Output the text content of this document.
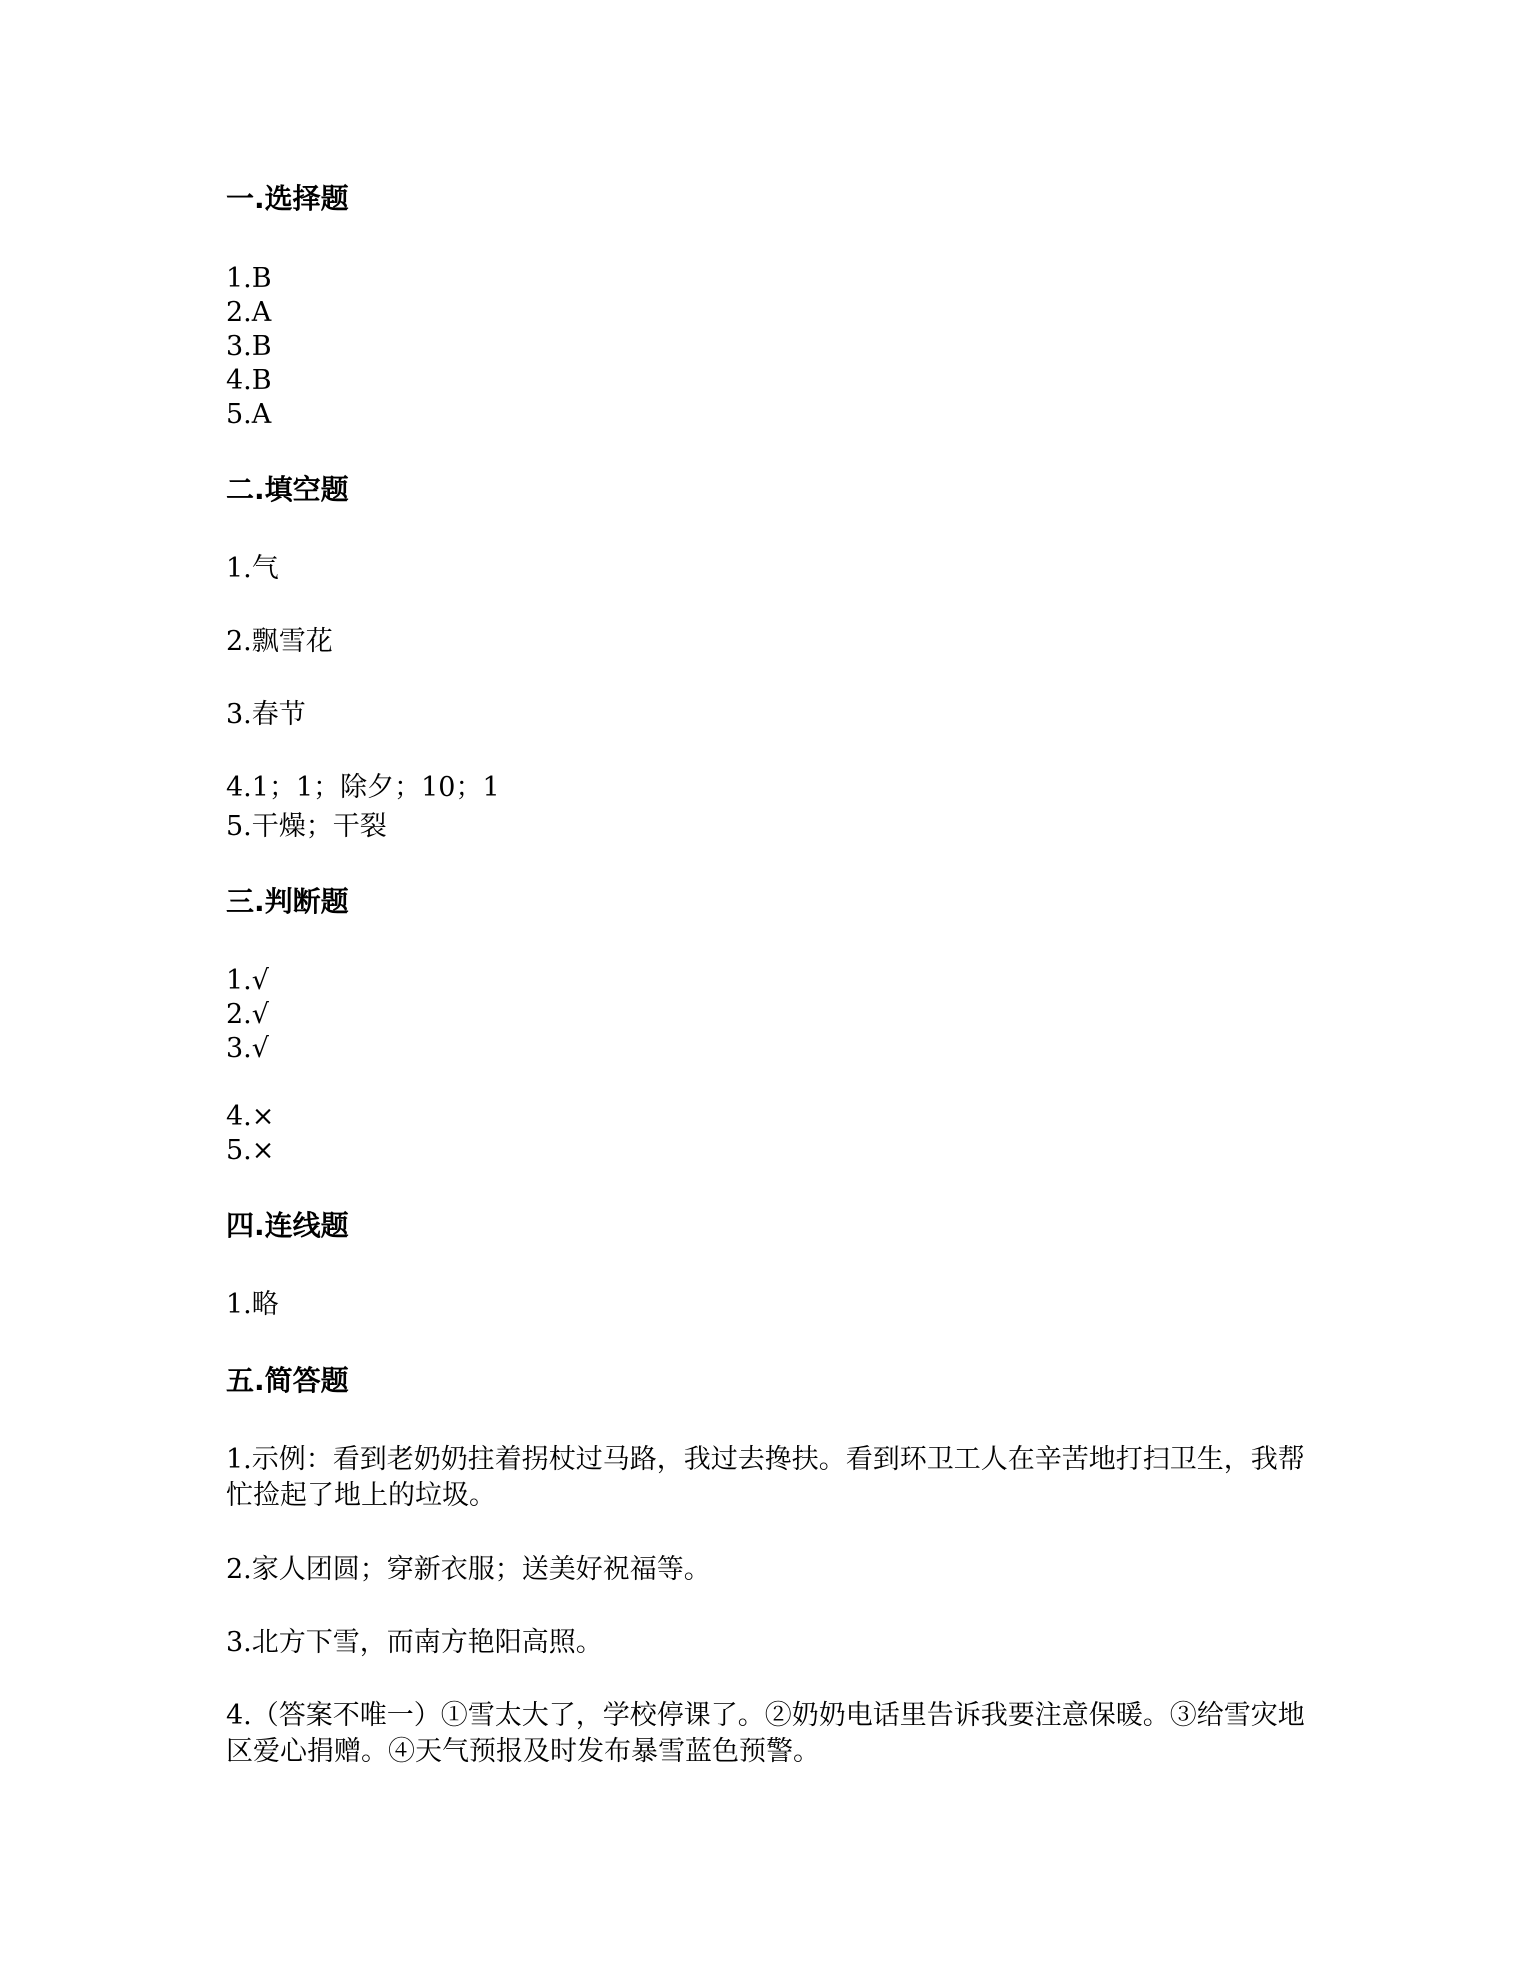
一.选择题
1.B
2.A
3.B
4.B
5.A
二.填空题
1.气
2.飘雪花
3.春节
4.1；1；除夕；10；1
5.干燥；干裂
三.判断题
1.√
2.√
3.√
4.×
5.×
四.连线题
1.略
五.简答题
1.示例：看到老奶奶拄着拐杖过马路，我过去搀扶。看到环卫工人在辛苦地打扫卫生，我帮忙捡起了地上的垃圾。
2.家人团圆；穿新衣服；送美好祝福等。
3.北方下雪，而南方艳阳高照。
4.（答案不唯一）①雪太大了，学校停课了。②奶奶电话里告诉我要注意保暖。③给雪灾地区爱心捐赠。④天气预报及时发布暴雪蓝色预警。
